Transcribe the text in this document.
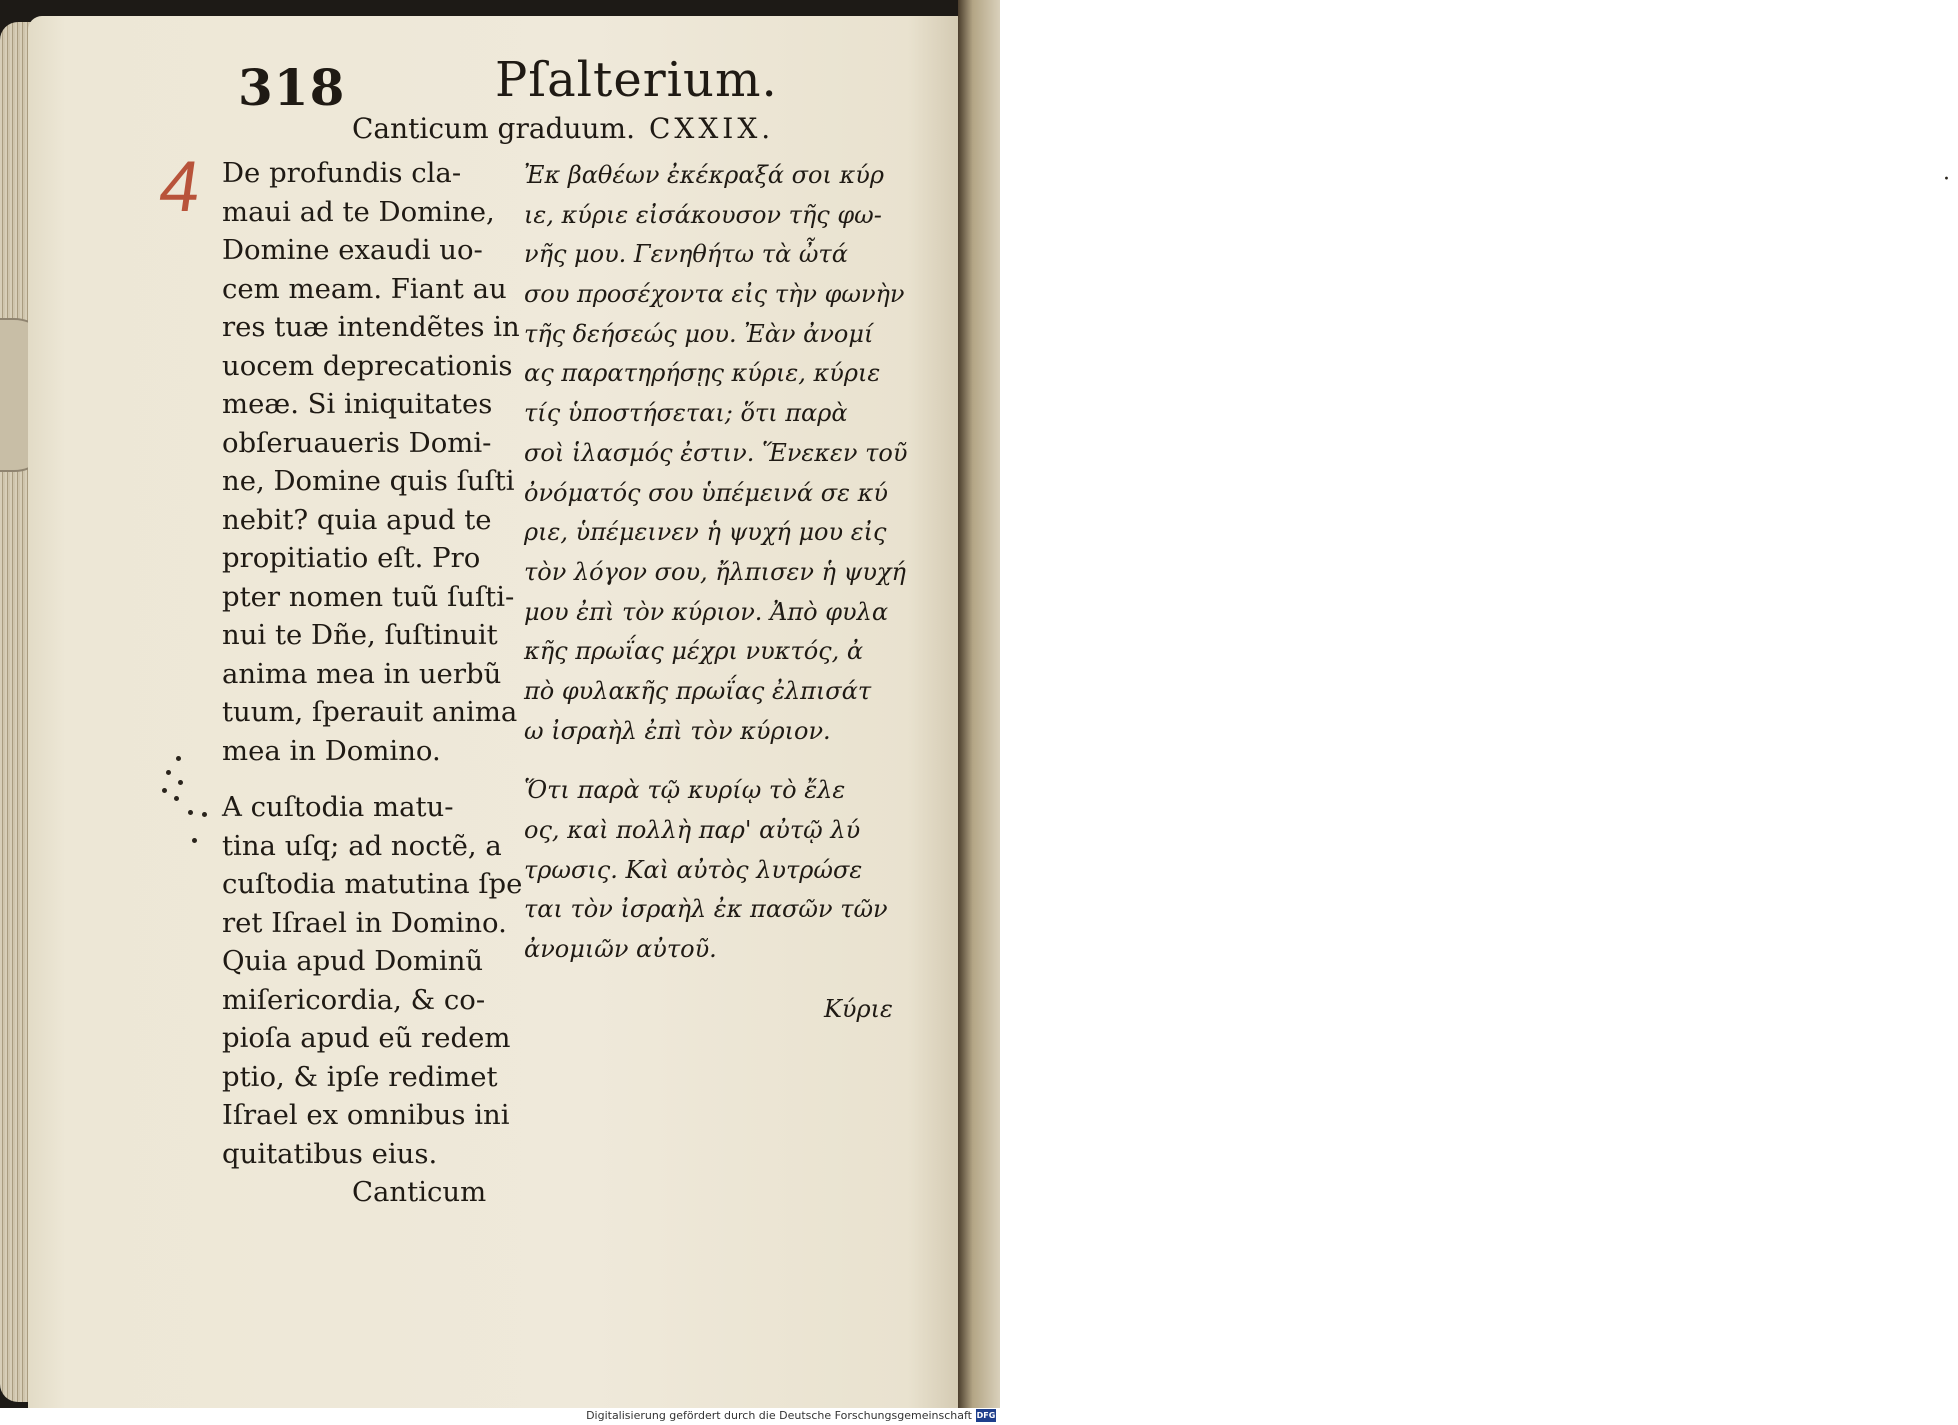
·
318	Pſalterium.
Canticum graduum. CXXIX.
4 De profundis cla-
maui ad te Domine,
Domine exaudi uo-
cem meam. Fiant au
res tuæ intendẽtes in
uocem deprecationis
meæ. Si iniquitates
obſeruaueris Domi-
ne, Domine quis ſuſti
nebit? quia apud te
propitiatio eſt. Pro
pter nomen tuũ ſuſti-
nui te Dñe, ſuſtinuit
anima mea in uerbũ
tuum, ſperauit anima
mea in Domino.
A cuſtodia matu-
tina uſq; ad noctẽ, a
cuſtodia matutina ſpe
ret Iſrael in Domino.
Quia apud Dominũ
miſericordia, & co-
pioſa apud eũ redem
ptio, & ipſe redimet
Iſrael ex omnibus ini
quitatibus eius.
Canticum
Ἐκ βαθέων ἐκέκραξά σοι κύρ
ιε, κύριε εἰσάκουσον τῆς φω-
νῆς μου. Γενηθήτω τὰ ὦτά
σου προσέχοντα εἰς τὴν φωνὴν
τῆς δεήσεώς μου. Ἐὰν ἀνομί
ας παρατηρήσῃς κύριε, κύριε
τίς ὑποστήσεται; ὅτι παρὰ
σοὶ ἱλασμός ἐστιν. Ἕνεκεν τοῦ
ὀνόματός σου ὑπέμεινά σε κύ
ριε, ὑπέμεινεν ἡ ψυχή μου εἰς
τὸν λόγον σου, ἤλπισεν ἡ ψυχή
μου ἐπὶ τὸν κύριον. Ἀπὸ φυλα
κῆς πρωΐας μέχρι νυκτός, ἀ
πὸ φυλακῆς πρωΐας ἐλπισάτ
ω ἰσραὴλ ἐπὶ τὸν κύριον.
Ὅτι παρὰ τῷ κυρίῳ τὸ ἔλε
ος, καὶ πολλὴ παρ' αὐτῷ λύ
τρωσις. Καὶ αὐτὸς λυτρώσε
ται τὸν ἰσραὴλ ἐκ πασῶν τῶν
ἀνομιῶν αὐτοῦ.
Κύριε
Digitalisierung gefördert durch die Deutsche Forschungsgemeinschaft DFG
